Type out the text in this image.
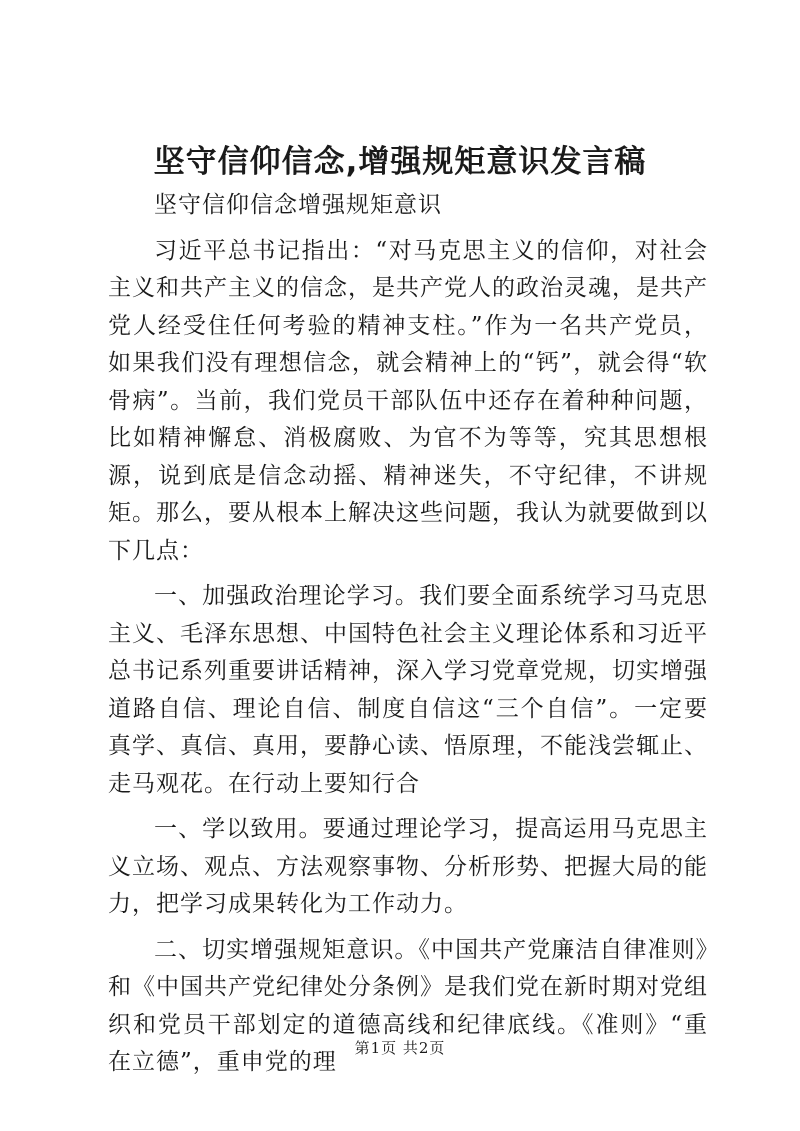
坚守信仰信念,增强规矩意识发言稿

坚守信仰信念增强规矩意识

习近平总书记指出：“对马克思主义的信仰，对社会主义和共产主义的信念，是共产党人的政治灵魂，是共产党人经受住任何考验的精神支柱。”作为一名共产党员，如果我们没有理想信念，就会精神上的“钙”，就会得“软骨病”。当前，我们党员干部队伍中还存在着种种问题，比如精神懈怠、消极腐败、为官不为等等，究其思想根源，说到底是信念动摇、精神迷失，不守纪律，不讲规矩。那么，要从根本上解决这些问题，我认为就要做到以下几点：

一、加强政治理论学习。我们要全面系统学习马克思主义、毛泽东思想、中国特色社会主义理论体系和习近平总书记系列重要讲话精神，深入学习党章党规，切实增强道路自信、理论自信、制度自信这“三个自信”。一定要真学、真信、真用，要静心读、悟原理，不能浅尝辄止、走马观花。在行动上要知行合

一、学以致用。要通过理论学习，提高运用马克思主义立场、观点、方法观察事物、分析形势、把握大局的能力，把学习成果转化为工作动力。

二、切实增强规矩意识。《中国共产党廉洁自律准则》和《中国共产党纪律处分条例》是我们党在新时期对党组织和党员干部划定的道德高线和纪律底线。《准则》“重在立德”，重申党的理

第1页 共2页
